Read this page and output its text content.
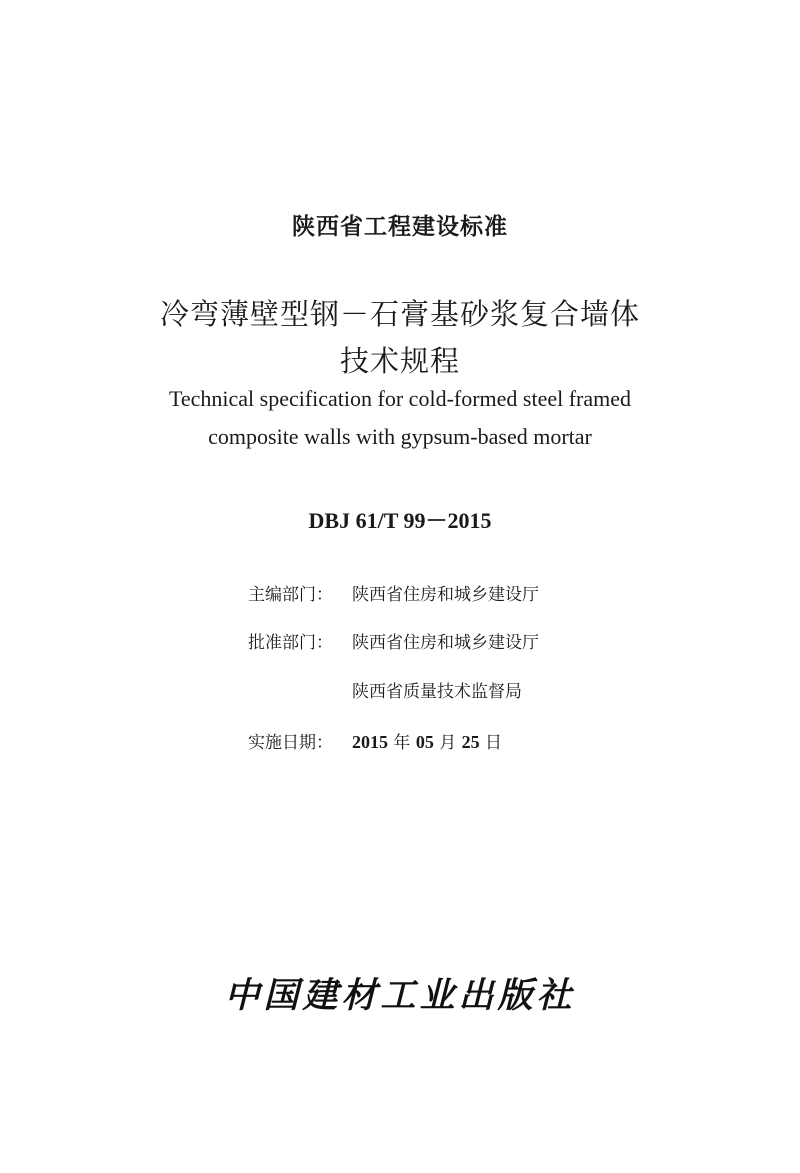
陕西省工程建设标准
冷弯薄壁型钢－石膏基砂浆复合墙体
技术规程
Technical specification for cold-formed steel framed
composite walls with gypsum-based mortar
DBJ 61/T 99－2015
主编部门： 陕西省住房和城乡建设厅
批准部门： 陕西省住房和城乡建设厅
陕西省质量技术监督局
实施日期： 2015 年 05 月 25 日
中国建材工业出版社
